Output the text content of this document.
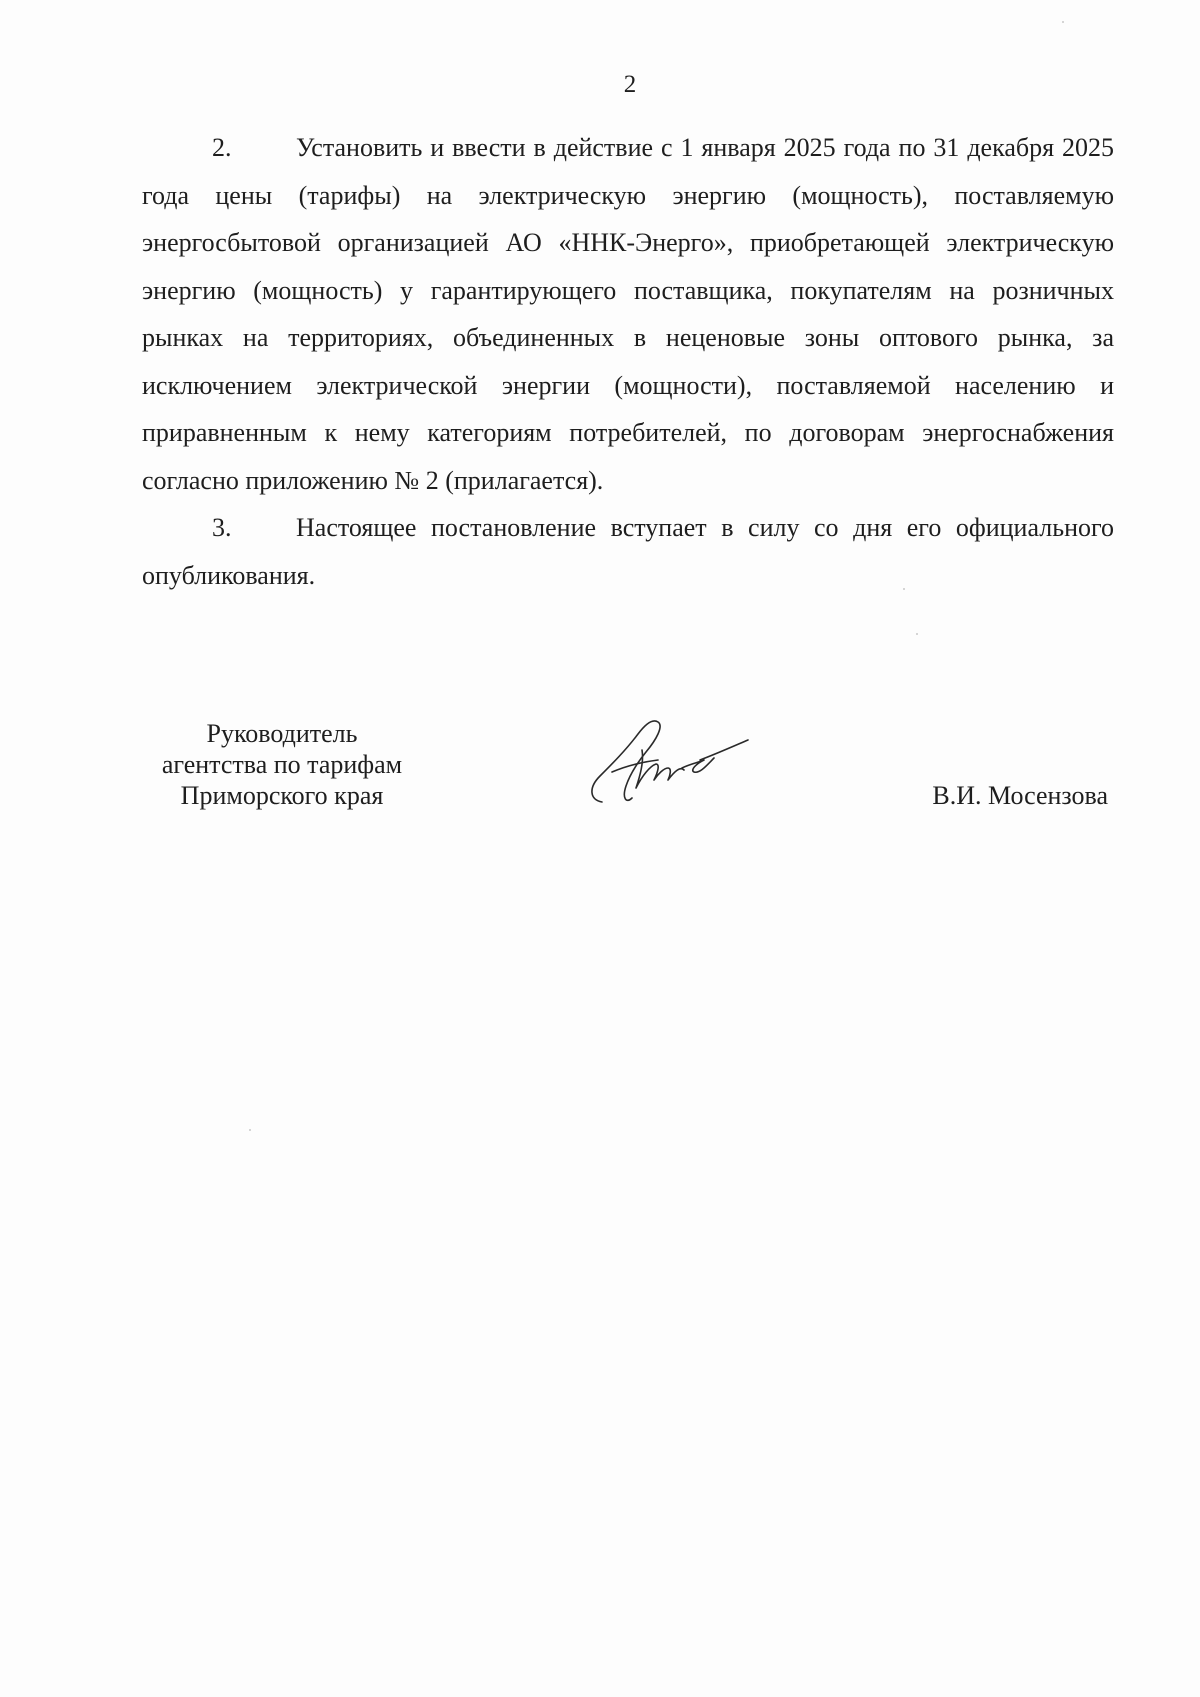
2

2. Установить и ввести в действие с 1 января 2025 года по 31 декабря 2025 года цены (тарифы) на электрическую энергию (мощность), поставляемую энергосбытовой организацией АО «ННК-Энерго», приобретающей электрическую энергию (мощность) у гарантирующего поставщика, покупателям на розничных рынках на территориях, объединенных в неценовые зоны оптового рынка, за исключением электрической энергии (мощности), поставляемой населению и приравненным к нему категориям потребителей, по договорам энергоснабжения согласно приложению № 2 (прилагается).

3. Настоящее постановление вступает в силу со дня его официального опубликования.

Руководитель
агентства по тарифам
Приморского края	В.И. Мосензова
